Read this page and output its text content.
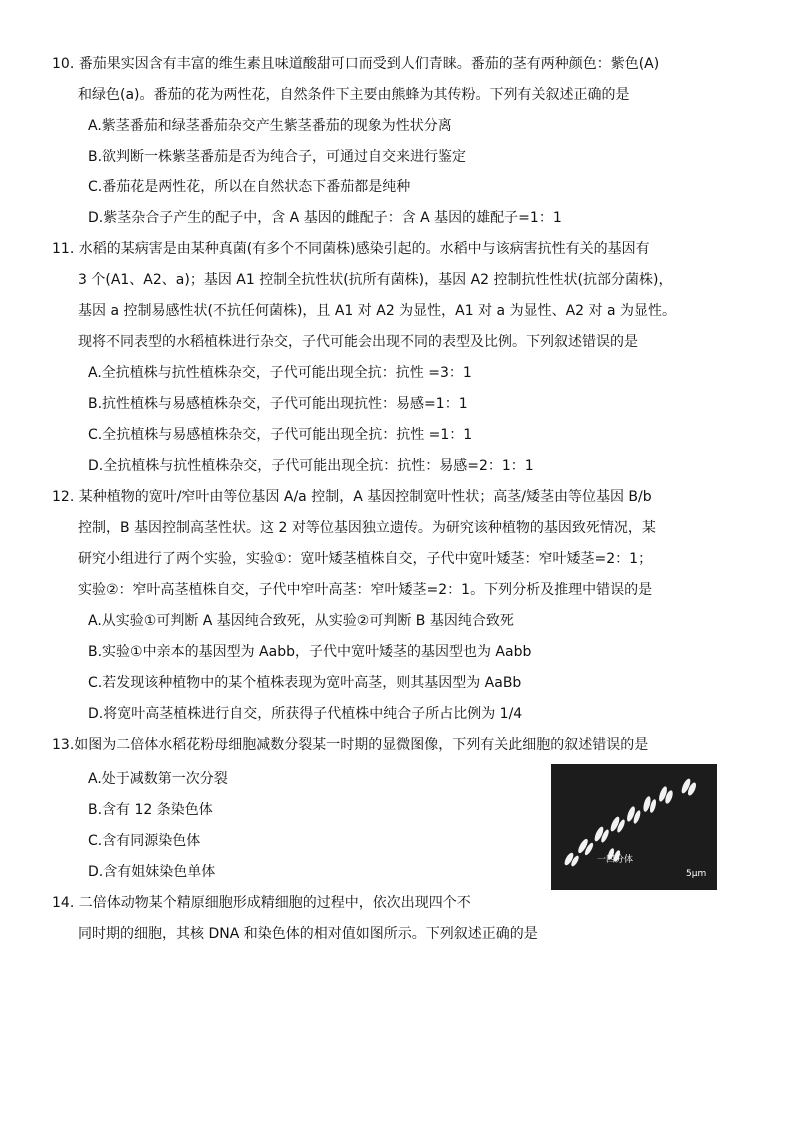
10. 番茄果实因含有丰富的维生素且味道酸甜可口而受到人们青睐。番茄的茎有两种颜色：紫色(A)
和绿色(a)。番茄的花为两性花，自然条件下主要由熊蜂为其传粉。下列有关叙述正确的是
A.紫茎番茄和绿茎番茄杂交产生紫茎番茄的现象为性状分离
B.欲判断一株紫茎番茄是否为纯合子，可通过自交来进行鉴定
C.番茄花是两性花，所以在自然状态下番茄都是纯种
D.紫茎杂合子产生的配子中，含 A 基因的雌配子：含 A 基因的雄配子=1：1
11. 水稻的某病害是由某种真菌(有多个不同菌株)感染引起的。水稻中与该病害抗性有关的基因有
3 个(A1、A2、a)；基因 A1 控制全抗性状(抗所有菌株)，基因 A2 控制抗性性状(抗部分菌株)，
基因 a 控制易感性状(不抗任何菌株)，且 A1 对 A2 为显性，A1 对 a 为显性、A2 对 a 为显性。
现将不同表型的水稻植株进行杂交，子代可能会出现不同的表型及比例。下列叙述错误的是
A.全抗植株与抗性植株杂交，子代可能出现全抗：抗性 =3：1
B.抗性植株与易感植株杂交，子代可能出现抗性：易感=1：1
C.全抗植株与易感植株杂交，子代可能出现全抗：抗性 =1：1
D.全抗植株与抗性植株杂交，子代可能出现全抗：抗性：易感=2：1：1
12. 某种植物的宽叶/窄叶由等位基因 A/a 控制，A 基因控制宽叶性状；高茎/矮茎由等位基因 B/b
控制，B 基因控制高茎性状。这 2 对等位基因独立遗传。为研究该种植物的基因致死情况，某
研究小组进行了两个实验，实验①：宽叶矮茎植株自交，子代中宽叶矮茎：窄叶矮茎=2：1；
实验②：窄叶高茎植株自交，子代中窄叶高茎：窄叶矮茎=2：1。下列分析及推理中错误的是
A.从实验①可判断 A 基因纯合致死，从实验②可判断 B 基因纯合致死
B.实验①中亲本的基因型为 Aabb，子代中宽叶矮茎的基因型也为 Aabb
C.若发现该种植物中的某个植株表现为宽叶高茎，则其基因型为 AaBb
D.将宽叶高茎植株进行自交，所获得子代植株中纯合子所占比例为 1/4
13.如图为二倍体水稻花粉母细胞减数分裂某一时期的显微图像，下列有关此细胞的叙述错误的是
A.处于减数第一次分裂
B.含有 12 条染色体
C.含有同源染色体
D.含有姐妹染色单体
一四分体
5μm
14. 二倍体动物某个精原细胞形成精细胞的过程中，依次出现四个不
同时期的细胞，其核 DNA 和染色体的相对值如图所示。下列叙述正确的是
